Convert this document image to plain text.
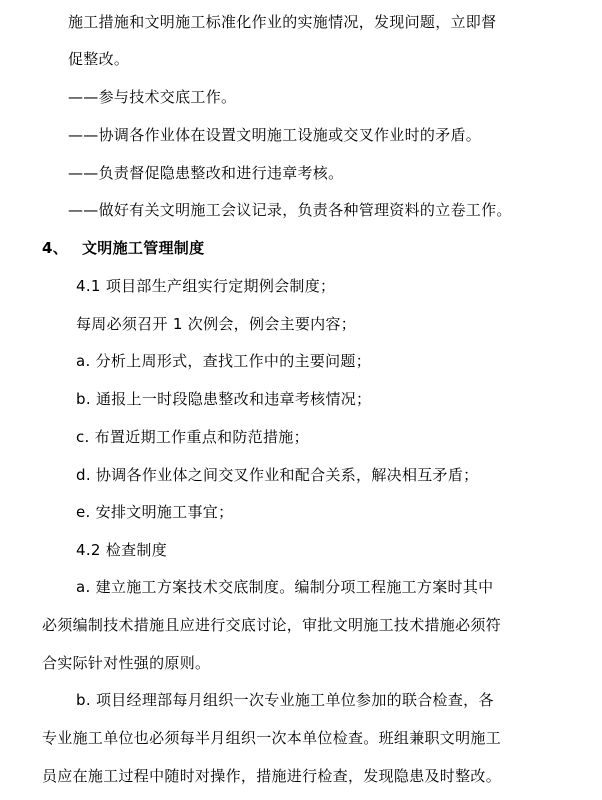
施工措施和文明施工标准化作业的实施情况，发现问题，立即督
促整改。
——参与技术交底工作。
——协调各作业体在设置文明施工设施或交叉作业时的矛盾。
——负责督促隐患整改和进行违章考核。
——做好有关文明施工会议记录，负责各种管理资料的立卷工作。
4、 文明施工管理制度
4.1 项目部生产组实行定期例会制度；
每周必须召开 1 次例会，例会主要内容；
a. 分析上周形式，查找工作中的主要问题；
b. 通报上一时段隐患整改和违章考核情况；
c. 布置近期工作重点和防范措施；
d. 协调各作业体之间交叉作业和配合关系，解决相互矛盾；
e. 安排文明施工事宜；
4.2 检查制度
a. 建立施工方案技术交底制度。编制分项工程施工方案时其中
必须编制技术措施且应进行交底讨论，审批文明施工技术措施必须符
合实际针对性强的原则。
b. 项目经理部每月组织一次专业施工单位参加的联合检查，各
专业施工单位也必须每半月组织一次本单位检查。班组兼职文明施工
员应在施工过程中随时对操作，措施进行检查，发现隐患及时整改。
